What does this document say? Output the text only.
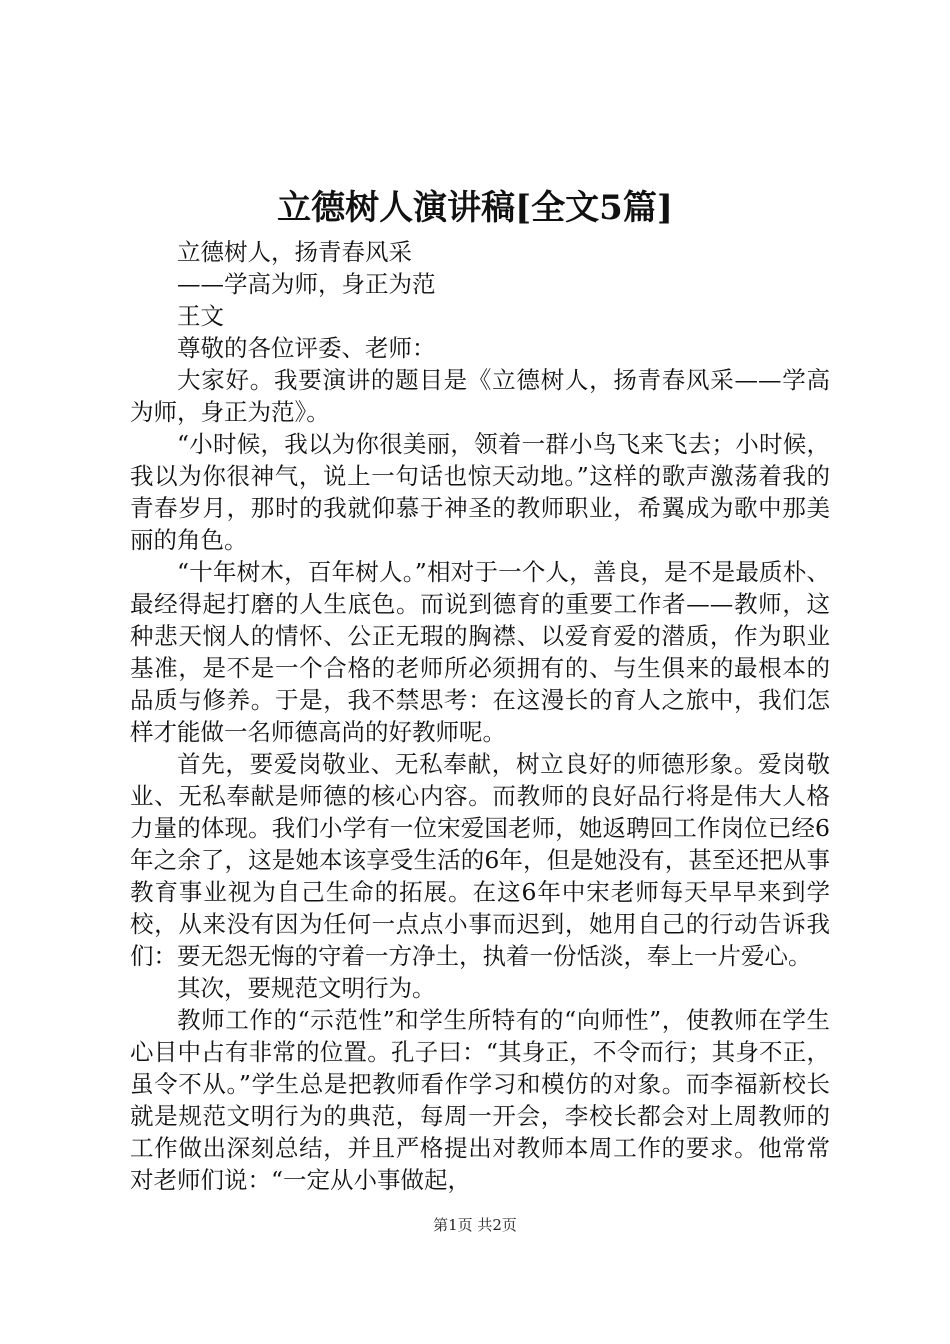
立德树人演讲稿[全文5篇]

立德树人，扬青春风采

——学高为师，身正为范

王文

尊敬的各位评委、老师：

大家好。我要演讲的题目是《立德树人，扬青春风采——学高为师，身正为范》。

“小时候，我以为你很美丽，领着一群小鸟飞来飞去；小时候，我以为你很神气，说上一句话也惊天动地。”这样的歌声激荡着我的青春岁月，那时的我就仰慕于神圣的教师职业，希翼成为歌中那美丽的角色。

“十年树木，百年树人。”相对于一个人，善良，是不是最质朴、最经得起打磨的人生底色。而说到德育的重要工作者——教师，这种悲天悯人的情怀、公正无瑕的胸襟、以爱育爱的潜质，作为职业基准，是不是一个合格的老师所必须拥有的、与生俱来的最根本的品质与修养。于是，我不禁思考：在这漫长的育人之旅中，我们怎样才能做一名师德高尚的好教师呢。

首先，要爱岗敬业、无私奉献，树立良好的师德形象。爱岗敬业、无私奉献是师德的核心内容。而教师的良好品行将是伟大人格力量的体现。我们小学有一位宋爱国老师，她返聘回工作岗位已经6年之余了，这是她本该享受生活的6年，但是她没有，甚至还把从事教育事业视为自己生命的拓展。在这6年中宋老师每天早早来到学校，从来没有因为任何一点点小事而迟到，她用自己的行动告诉我们：要无怨无悔的守着一方净土，执着一份恬淡，奉上一片爱心。

其次，要规范文明行为。

教师工作的“示范性”和学生所特有的“向师性”，使教师在学生心目中占有非常的位置。孔子曰：“其身正，不令而行；其身不正，虽令不从。”学生总是把教师看作学习和模仿的对象。而李福新校长就是规范文明行为的典范，每周一开会，李校长都会对上周教师的工作做出深刻总结，并且严格提出对教师本周工作的要求。他常常对老师们说：“一定从小事做起，

第1页 共2页
